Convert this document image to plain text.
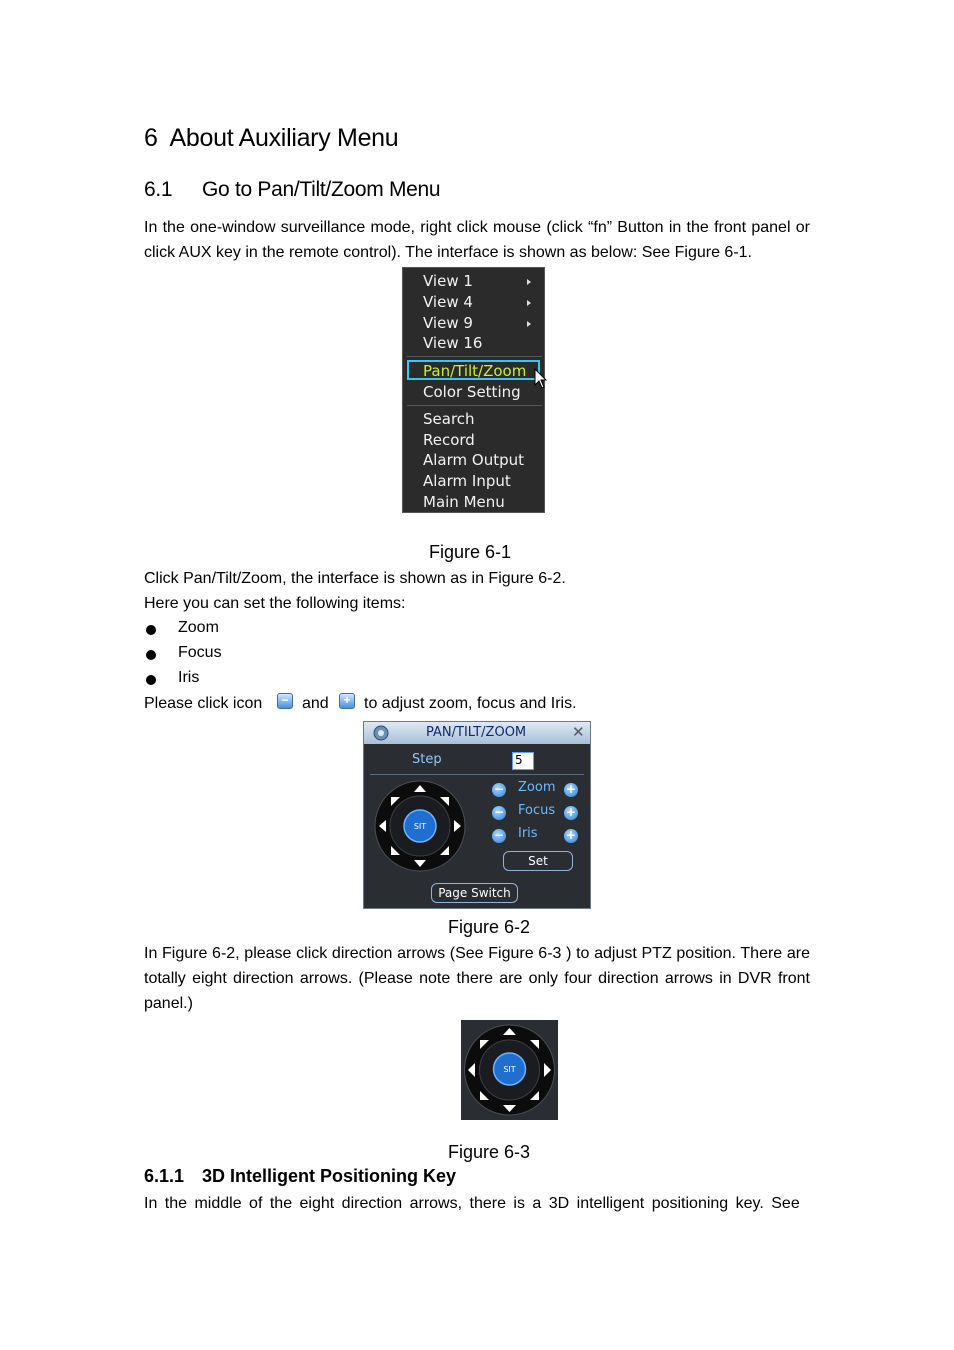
6 About Auxiliary Menu
6.1 Go to Pan/Tilt/Zoom Menu

In the one-window surveillance mode, right click mouse (click “fn” Button in the front panel or click AUX key in the remote control). The interface is shown as below: See Figure 6-1.

View 1
View 4
View 9
View 16
Pan/Tilt/Zoom
Color Setting
Search
Record
Alarm Output
Alarm Input
Main Menu
Figure 6-1

Click Pan/Tilt/Zoom, the interface is shown as in Figure 6-2.

Here you can set the following items:

Zoom
Focus
Iris
Please click icon	− and	+ to adjust zoom, focus and Iris.
PAN/TILT/ZOOM	✕
Step	5
SIT
− Zoom +
− Focus +
− Iris +
Set
Page Switch
Figure 6-2

In Figure 6-2, please click direction arrows (See Figure 6-3 ) to adjust PTZ position. There are totally eight direction arrows. (Please note there are only four direction arrows in DVR front panel.)

SIT
Figure 6-3
6.1.1 3D Intelligent Positioning Key

In the middle of the eight direction arrows, there is a 3D intelligent positioning key. See
